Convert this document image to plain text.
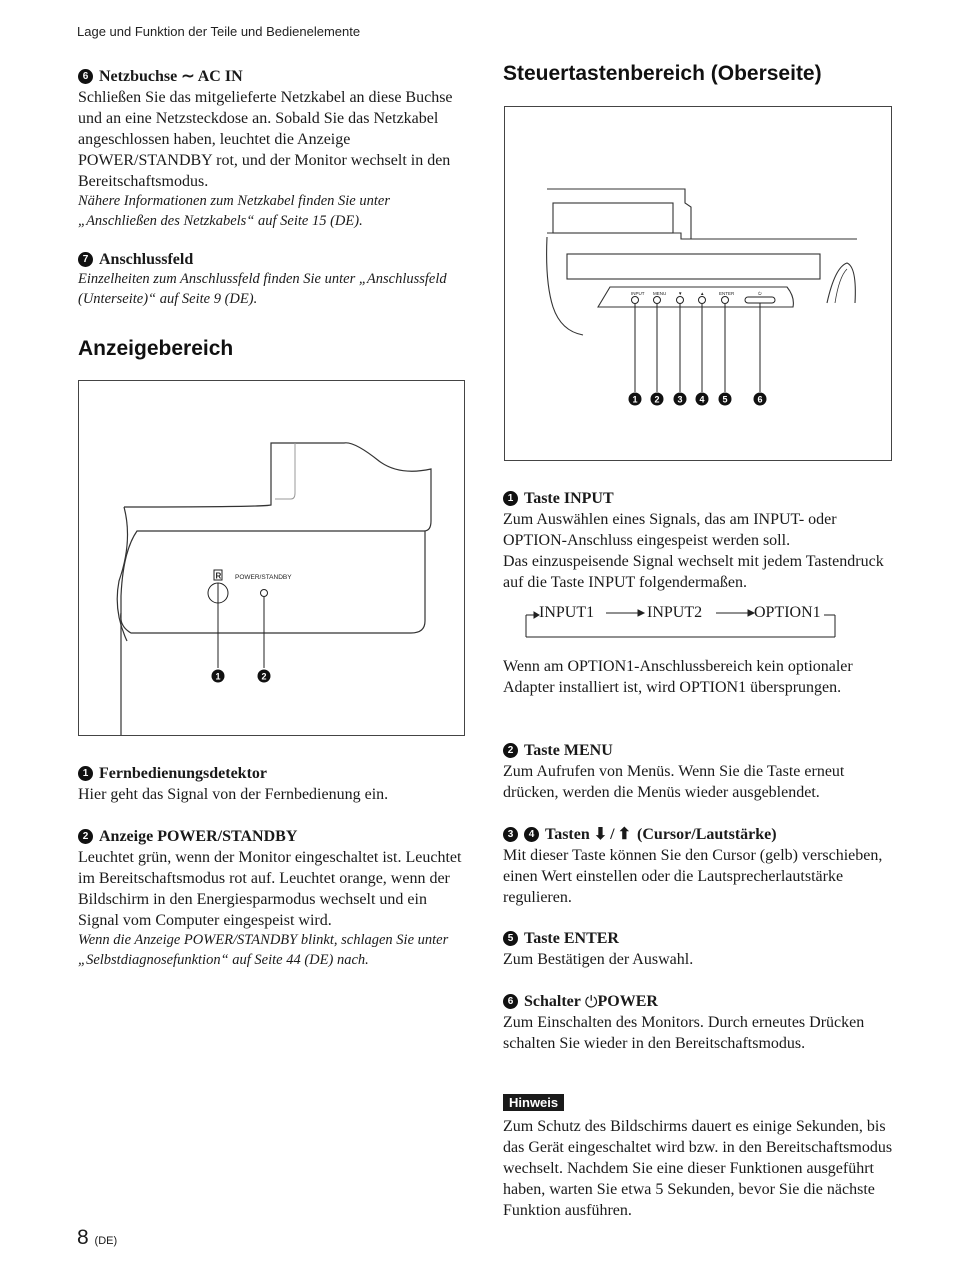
Lage und Funktion der Teile und Bedienelemente
6 Netzbuchse ∼ AC IN
Schließen Sie das mitgelieferte Netzkabel an diese Buchse und an eine Netzsteckdose an. Sobald Sie das Netzkabel angeschlossen haben, leuchtet die Anzeige POWER/STANDBY rot, und der Monitor wechselt in den Bereitschaftsmodus.
Nähere Informationen zum Netzkabel finden Sie unter „Anschließen des Netzkabels“ auf Seite 15 (DE).
7 Anschlussfeld
Einzelheiten zum Anschlussfeld finden Sie unter „Anschlussfeld (Unterseite)“ auf Seite 9 (DE).
Anzeigebereich
R POWER/STANDBY
1	2
1 Fernbedienungsdetektor
Hier geht das Signal von der Fernbedienung ein.
2 Anzeige POWER/STANDBY
Leuchtet grün, wenn der Monitor eingeschaltet ist. Leuchtet im Bereitschaftsmodus rot auf. Leuchtet orange, wenn der Bildschirm in den Energiesparmodus wechselt und ein Signal vom Computer eingespeist wird.
Wenn die Anzeige POWER/STANDBY blinkt, schlagen Sie unter „Selbstdiagnosefunktion“ auf Seite 44 (DE) nach.
Steuertastenbereich (Oberseite)
INPUT MENU	▼	▲	ENTER	⏻
1 2 3 4 5	6
1 Taste INPUT
Zum Auswählen eines Signals, das am INPUT- oder OPTION-Anschluss eingespeist werden soll.
Das einzuspeisende Signal wechselt mit jedem Tastendruck auf die Taste INPUT folgendermaßen.
INPUT1	INPUT2	OPTION1
Wenn am OPTION1-Anschlussbereich kein optionaler Adapter installiert ist, wird OPTION1 übersprungen.
2 Taste MENU
Zum Aufrufen von Menüs. Wenn Sie die Taste erneut drücken, werden die Menüs wieder ausgeblendet.
3	4 Tasten ⬇ / ⬆ (Cursor/Lautstärke)
Mit dieser Taste können Sie den Cursor (gelb) verschieben, einen Wert einstellen oder die Lautsprecherlautstärke regulieren.
5 Taste ENTER
Zum Bestätigen der Auswahl.
6 Schalter ⏻ POWER
Zum Einschalten des Monitors. Durch erneutes Drücken schalten Sie wieder in den Bereitschaftsmodus.
Hinweis
Zum Schutz des Bildschirms dauert es einige Sekunden, bis das Gerät eingeschaltet wird bzw. in den Bereitschaftsmodus wechselt. Nachdem Sie eine dieser Funktionen ausgeführt haben, warten Sie etwa 5 Sekunden, bevor Sie die nächste Funktion ausführen.
8 (DE)
